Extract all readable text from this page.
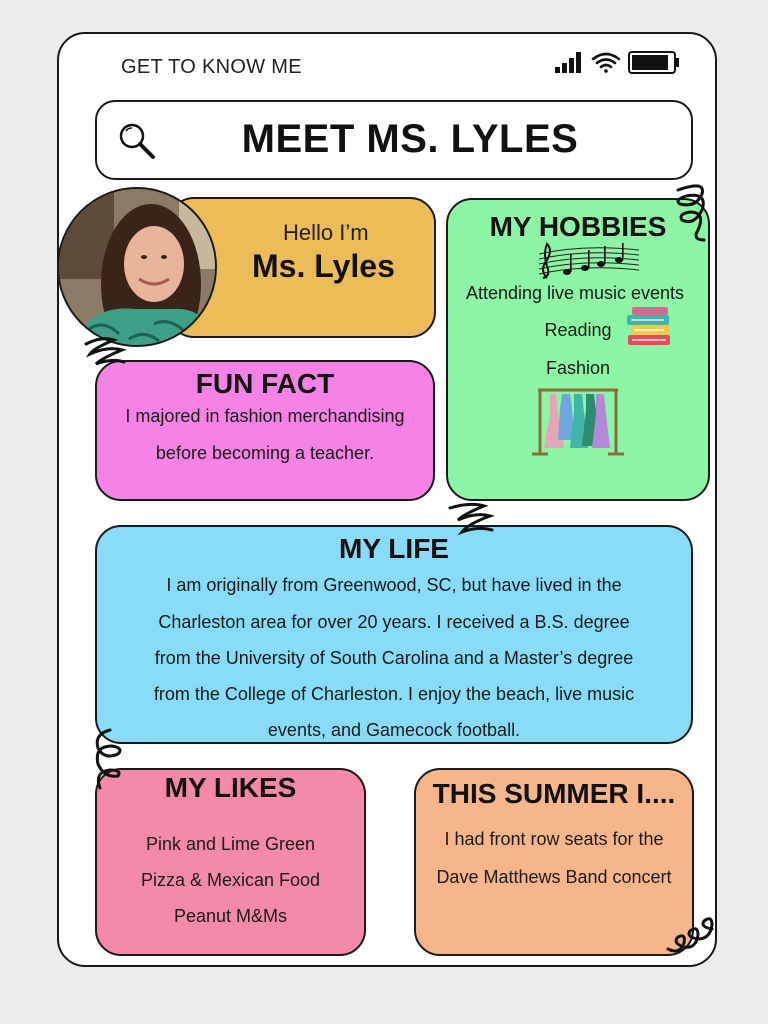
GET TO KNOW ME
MEET MS. LYLES
Hello I’m
Ms. Lyles
FUN FACT
I majored in fashion merchandising
before becoming a teacher.
MY HOBBIES
Attending live music events
Reading
Fashion
MY LIFE
I am originally from Greenwood, SC, but have lived in the
Charleston area for over 20 years. I received a B.S. degree
from the University of South Carolina and a Master’s degree
from the College of Charleston. I enjoy the beach, live music
events, and Gamecock football.
MY LIKES
Pink and Lime Green
Pizza & Mexican Food
Peanut M&Ms
THIS SUMMER I....
I had front row seats for the
Dave Matthews Band concert
